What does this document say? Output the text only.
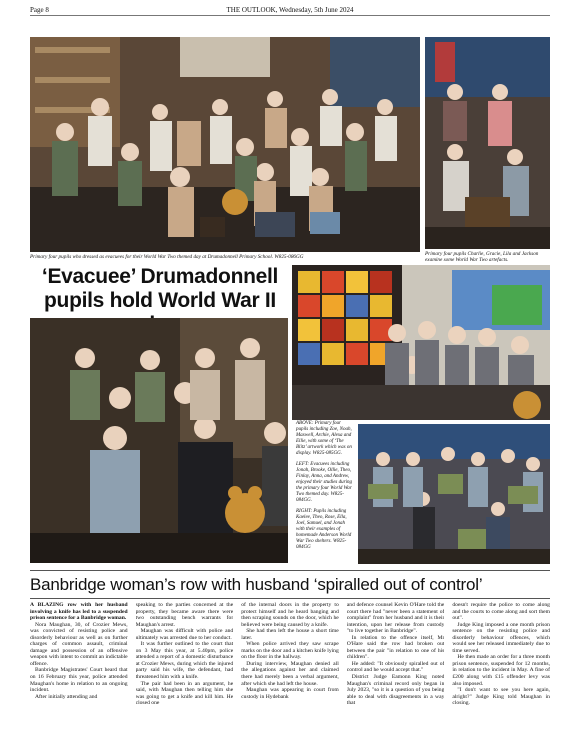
Page 8	THE OUTLOOK, Wednesday, 5th June 2024
Primary four pupils who dressed as evacuees for their World War Two themed day at Drumadonnell Primary School. W825-086GG	Primary four pupils Charlie, Gracie, Lila and Jackson examine some World War Two artefacts.
‘Evacuee’ Drumadonnell pupils hold World War II

ABOVE: Primary four pupils including Zoe, Noah, Maxwell, Archie, Alexa and Ellie, with some of ‘The Blitz’ artwork which was on display. W825-085GG.

LEFT: Evacuees including Jonah, Brooke, Ollie, Theo, Finlay, Anna, and Andrew, enjoyed their studies during the primary four World War Two themed day. W825-084GG.

RIGHT: Pupils including Kaelee, Theo, Rose, Ella, Joel, Samuel, and Jonah with their examples of homemade Anderson World War Two shelters. W825-084GG

Banbridge woman’s row with husband ‘spiralled out of control’

A BLAZING row with her husband involving a knife has led to a suspended prison sentence for a Banbridge woman.

Nora Maughan, 30, of Crozier Mews, was convicted of resisting police and disorderly behaviour as well as on further charges of common assault, criminal damage and possession of an offensive weapon with intent to commit an indictable offence.

Banbridge Magistrates' Court heard that on 16 February this year, police attended Maughan's home in relation to an ongoing incident.

After initially attending and

speaking to the parties concerned at the property, they became aware there were two outstanding bench warrants for Maughan's arrest.

Maughan was difficult with police and ultimately was arrested due to her conduct.

It was further outlined to the court that on 3 May this year, at 5.40pm, police attended a report of a domestic disturbance at Crozier Mews, during which the injured party said his wife, the defendant, had threatened him with a knife.

The pair had been in an argument, he said, with Maughan then telling him she was going to get a knife and kill him. He closed one

of the internal doors in the property to protect himself and he heard banging and then scraping sounds on the door, which he believed were being caused by a knife.

She had then left the house a short time later.

When police arrived they saw scrape marks on the door and a kitchen knife lying on the floor in the hallway.

During interview, Maughan denied all the allegations against her and claimed there had merely been a verbal argument, after which she had left the house.

Maughan was appearing in court from custody in Hydebank

and defence counsel Kevin O'Hare told the court there had "never been a statement of complaint" from her husband and it is their intention, upon her release from custody "to live together in Banbridge".

In relation to the offence itself, Mr O'Hare said the row had broken out between the pair "in relation to one of his children".

He added: "It obviously spiralled out of control and he would accept that."

District Judge Eamonn King noted Maughan's criminal record only began in July 2023, "so it is a question of you being able to deal with disagreements in a way that

doesn't require the police to come along and the courts to come along and sort them out".

Judge King imposed a one month prison sentence on the resisting police and disorderly behaviour offences, which would see her released immediately due to time served.

He then made an order for a three month prison sentence, suspended for 12 months, in relation to the incident in May. A fine of £200 along with £15 offender levy was also imposed.

"I don't want to see you here again, alright?" Judge King told Maughan in closing.
